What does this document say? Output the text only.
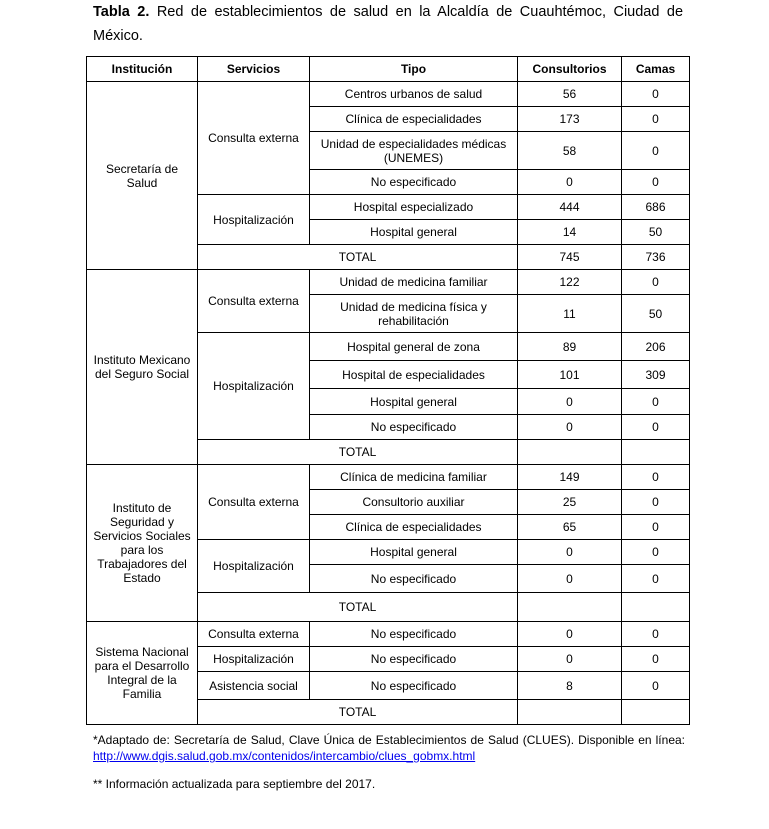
Tabla 2. Red de establecimientos de salud en la Alcaldía de Cuauhtémoc, Ciudad de México.
Institución	Servicios	Tipo	Consultorios	Camas
Secretaría de Salud	Consulta externa	Centros urbanos de salud	56	0
		Clínica de especialidades	173	0
		Unidad de especialidades médicas (UNEMES)	58	0
		No especificado	0	0
	Hospitalización	Hospital especializado	444	686
		Hospital general	14	50
	TOTAL		745	736
Instituto Mexicano del Seguro Social	Consulta externa	Unidad de medicina familiar	122	0
		Unidad de medicina física y rehabilitación	11	50
	Hospitalización	Hospital general de zona	89	206
		Hospital de especialidades	101	309
		Hospital general	0	0
		No especificado	0	0
	TOTAL			
Instituto de Seguridad y Servicios Sociales para los Trabajadores del Estado	Consulta externa	Clínica de medicina familiar	149	0
		Consultorio auxiliar	25	0
		Clínica de especialidades	65	0
	Hospitalización	Hospital general	0	0
		No especificado	0	0
	TOTAL			
Sistema Nacional para el Desarrollo Integral de la Familia	Consulta externa	No especificado	0	0
	Hospitalización	No especificado	0	0
	Asistencia social	No especificado	8	0
	TOTAL			

*Adaptado de: Secretaría de Salud, Clave Única de Establecimientos de Salud (CLUES). Disponible en línea: http://www.dgis.salud.gob.mx/contenidos/intercambio/clues_gobmx.html

** Información actualizada para septiembre del 2017.
